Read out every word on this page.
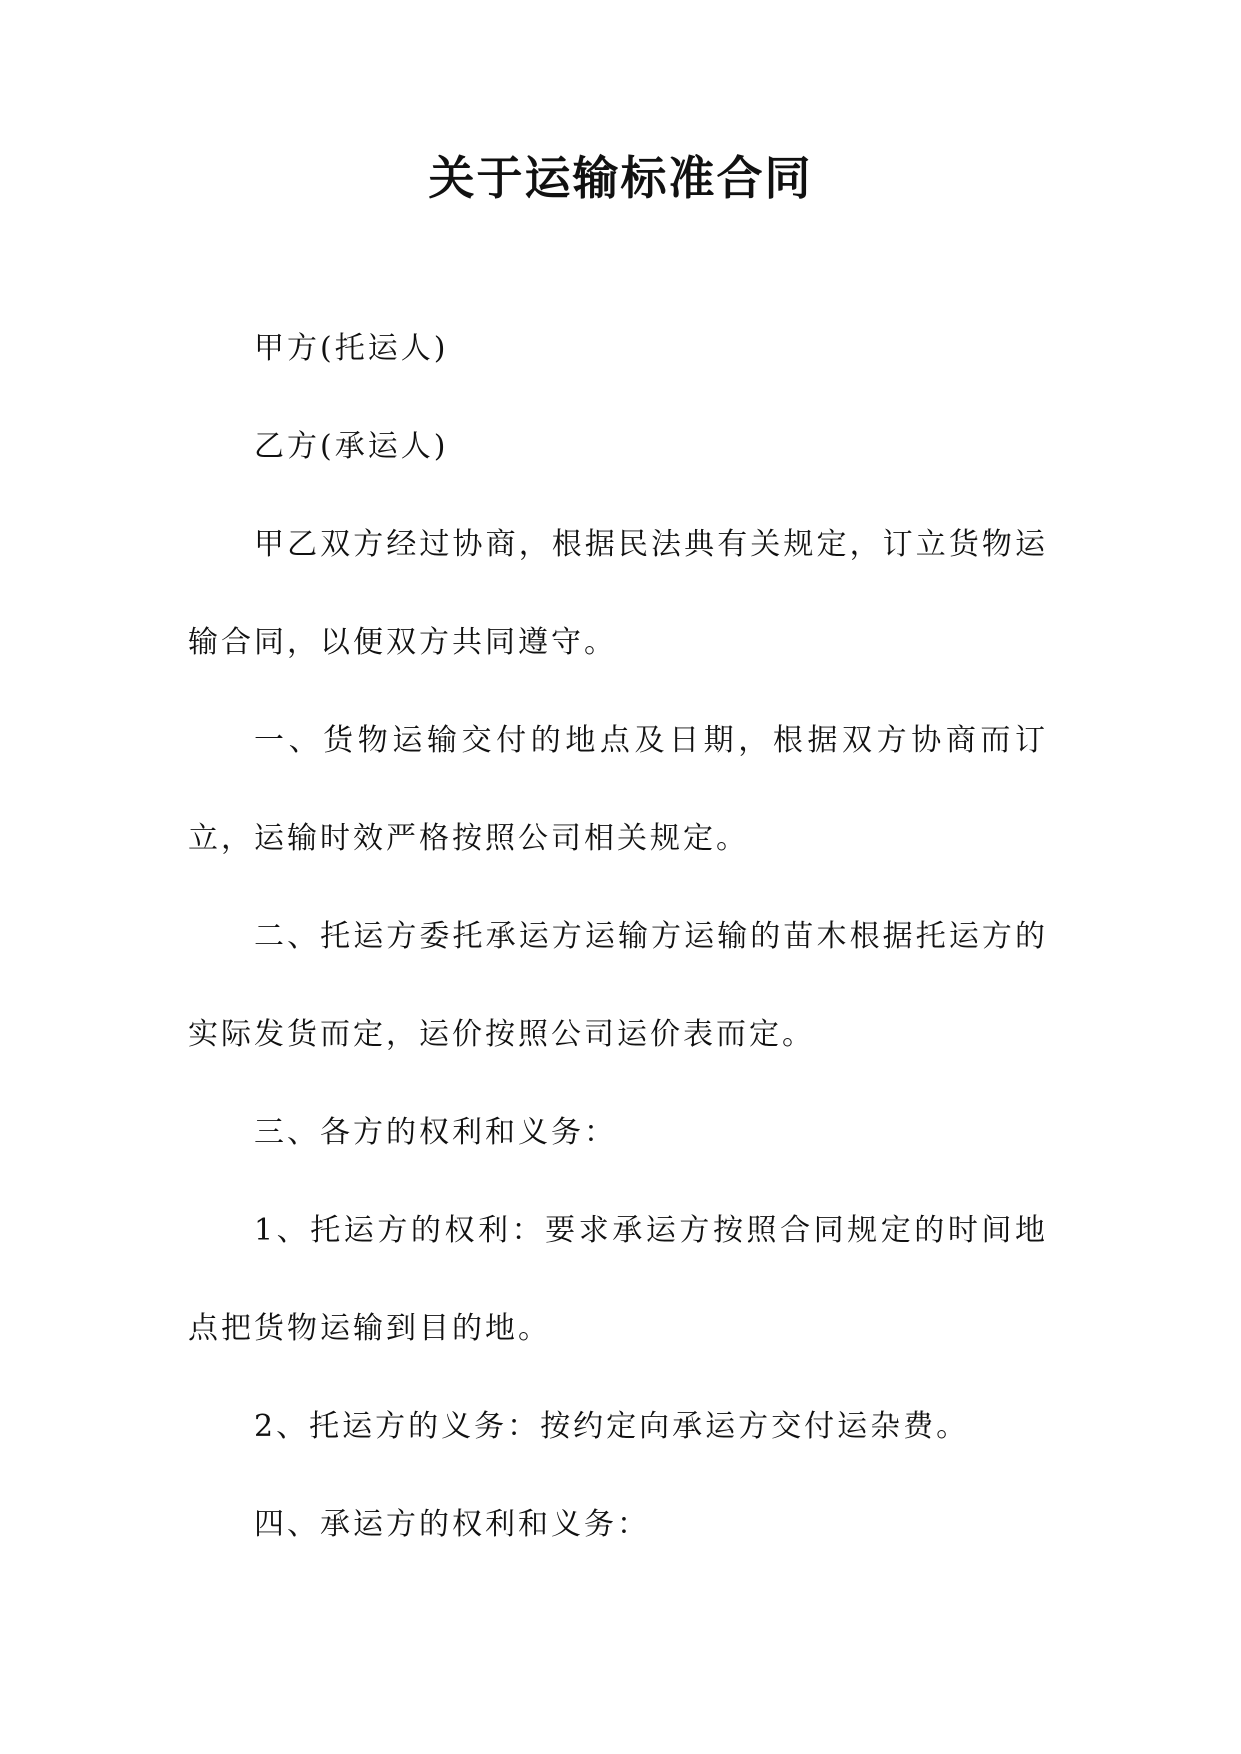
关于运输标准合同

甲方(托运人)

乙方(承运人)

甲乙双方经过协商，根据民法典有关规定，订立货物运输合同，以便双方共同遵守。

一、货物运输交付的地点及日期，根据双方协商而订立，运输时效严格按照公司相关规定。

二、托运方委托承运方运输方运输的苗木根据托运方的实际发货而定，运价按照公司运价表而定。

三、各方的权利和义务：

1、托运方的权利：要求承运方按照合同规定的时间地点把货物运输到目的地。

2、托运方的义务：按约定向承运方交付运杂费。

四、承运方的权利和义务：
